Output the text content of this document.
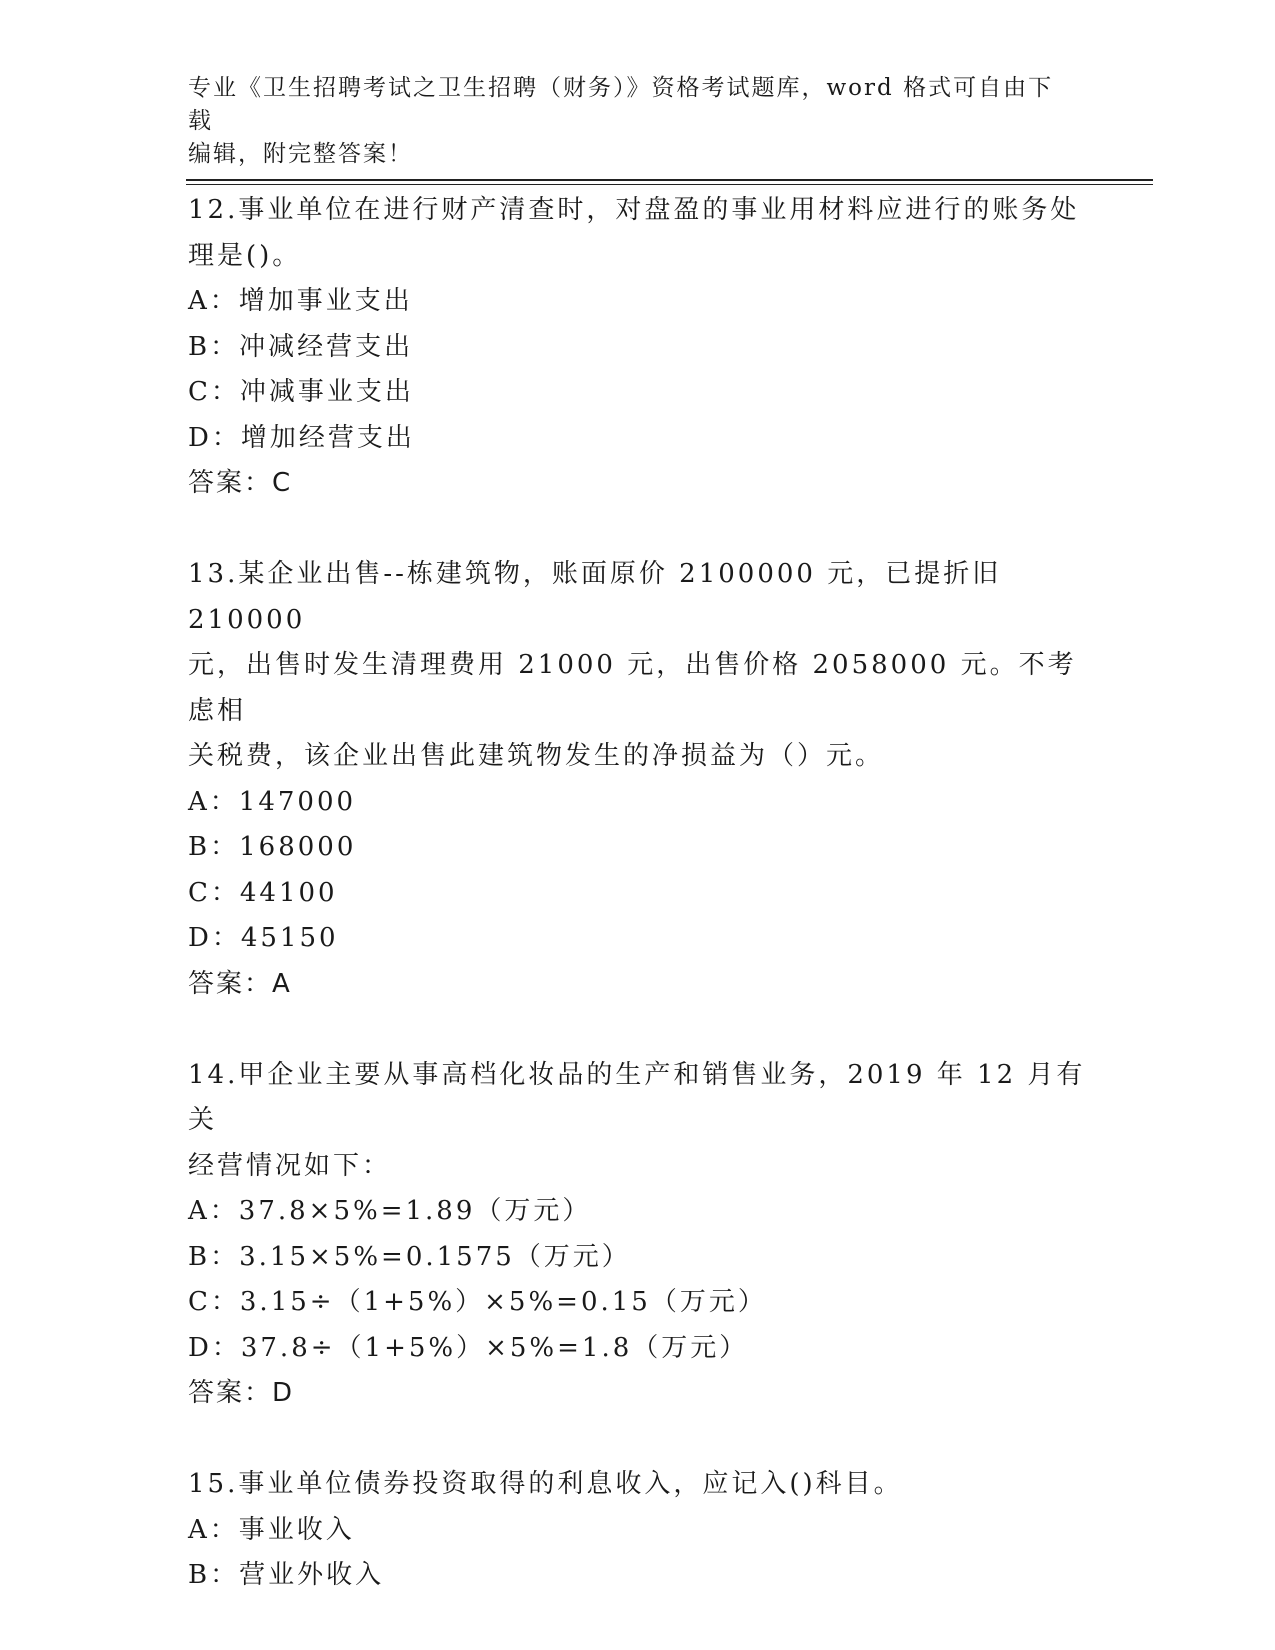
专业《卫生招聘考试之卫生招聘（财务）》资格考试题库，word 格式可自由下载
编辑，附完整答案！
12.事业单位在进行财产清查时，对盘盈的事业用材料应进行的账务处
理是()。
A：增加事业支出
B：冲减经营支出
C：冲减事业支出
D：增加经营支出
答案：C
13.某企业出售--栋建筑物，账面原价 2100000 元，已提折旧 210000
元，出售时发生清理费用 21000 元，出售价格 2058000 元。不考虑相
关税费，该企业出售此建筑物发生的净损益为（）元。
A：147000
B：168000
C：44100
D：45150
答案：A
14.甲企业主要从事高档化妆品的生产和销售业务，2019 年 12 月有关
经营情况如下：
A：37.8×5%=1.89（万元）
B：3.15×5%=0.1575（万元）
C：3.15÷（1+5%）×5%=0.15（万元）
D：37.8÷（1+5%）×5%=1.8（万元）
答案：D
15.事业单位债券投资取得的利息收入，应记入()科目。
A：事业收入
B：营业外收入
